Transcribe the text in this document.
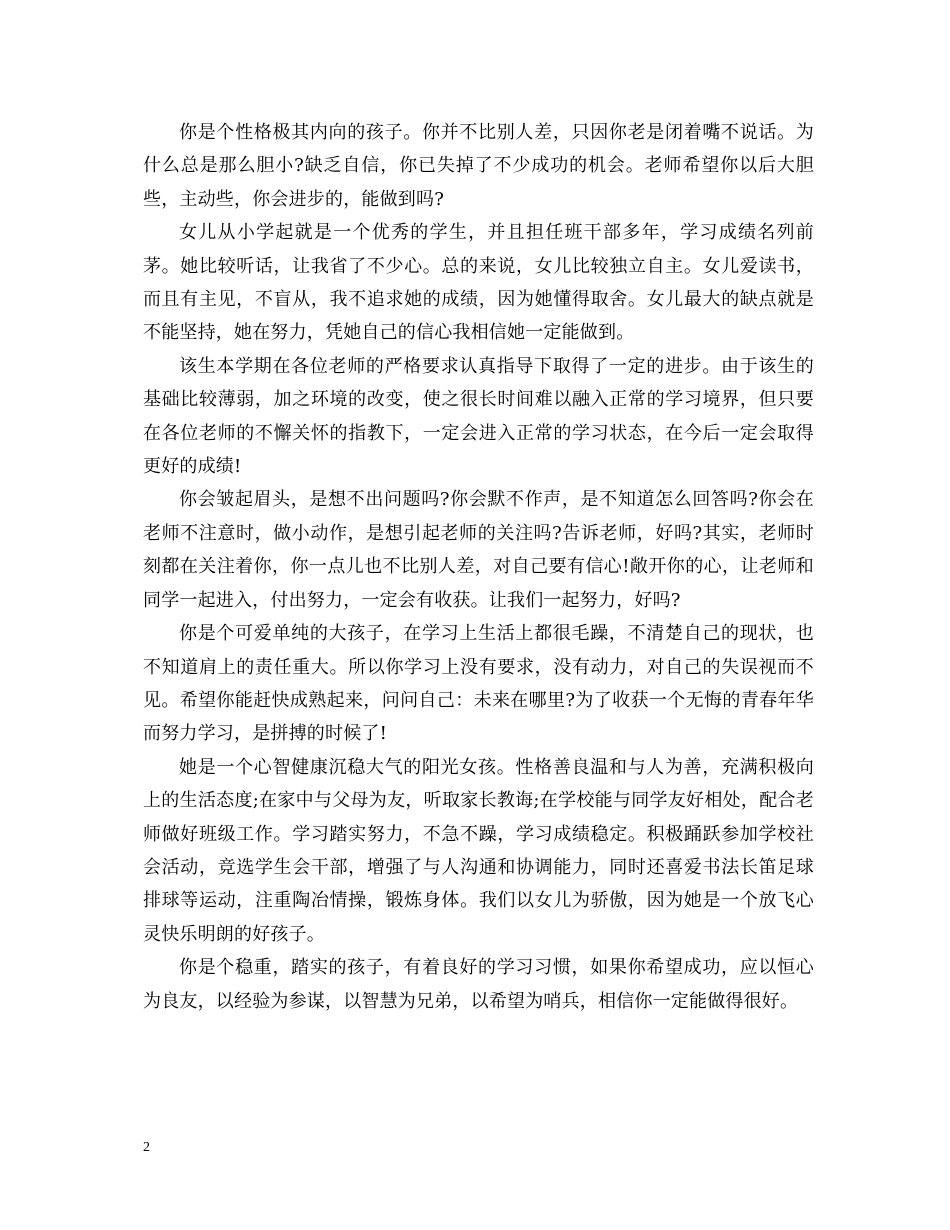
你是个性格极其内向的孩子。你并不比别人差，只因你老是闭着嘴不说话。为什么总是那么胆小?缺乏自信，你已失掉了不少成功的机会。老师希望你以后大胆些，主动些，你会进步的，能做到吗?

女儿从小学起就是一个优秀的学生，并且担任班干部多年，学习成绩名列前茅。她比较听话，让我省了不少心。总的来说，女儿比较独立自主。女儿爱读书，而且有主见，不盲从，我不追求她的成绩，因为她懂得取舍。女儿最大的缺点就是不能坚持，她在努力，凭她自己的信心我相信她一定能做到。

该生本学期在各位老师的严格要求认真指导下取得了一定的进步。由于该生的基础比较薄弱，加之环境的改变，使之很长时间难以融入正常的学习境界，但只要在各位老师的不懈关怀的指教下，一定会进入正常的学习状态，在今后一定会取得更好的成绩!

你会皱起眉头，是想不出问题吗?你会默不作声，是不知道怎么回答吗?你会在老师不注意时，做小动作，是想引起老师的关注吗?告诉老师，好吗?其实，老师时刻都在关注着你，你一点儿也不比别人差，对自己要有信心!敞开你的心，让老师和同学一起进入，付出努力，一定会有收获。让我们一起努力，好吗?

你是个可爱单纯的大孩子，在学习上生活上都很毛躁，不清楚自己的现状，也不知道肩上的责任重大。所以你学习上没有要求，没有动力，对自己的失误视而不见。希望你能赶快成熟起来，问问自己：未来在哪里?为了收获一个无悔的青春年华而努力学习，是拼搏的时候了!

她是一个心智健康沉稳大气的阳光女孩。性格善良温和与人为善，充满积极向上的生活态度;在家中与父母为友，听取家长教诲;在学校能与同学友好相处，配合老师做好班级工作。学习踏实努力，不急不躁，学习成绩稳定。积极踊跃参加学校社会活动，竞选学生会干部，增强了与人沟通和协调能力，同时还喜爱书法长笛足球排球等运动，注重陶冶情操，锻炼身体。我们以女儿为骄傲，因为她是一个放飞心灵快乐明朗的好孩子。

你是个稳重，踏实的孩子，有着良好的学习习惯，如果你希望成功，应以恒心为良友，以经验为参谋，以智慧为兄弟，以希望为哨兵，相信你一定能做得很好。

2
